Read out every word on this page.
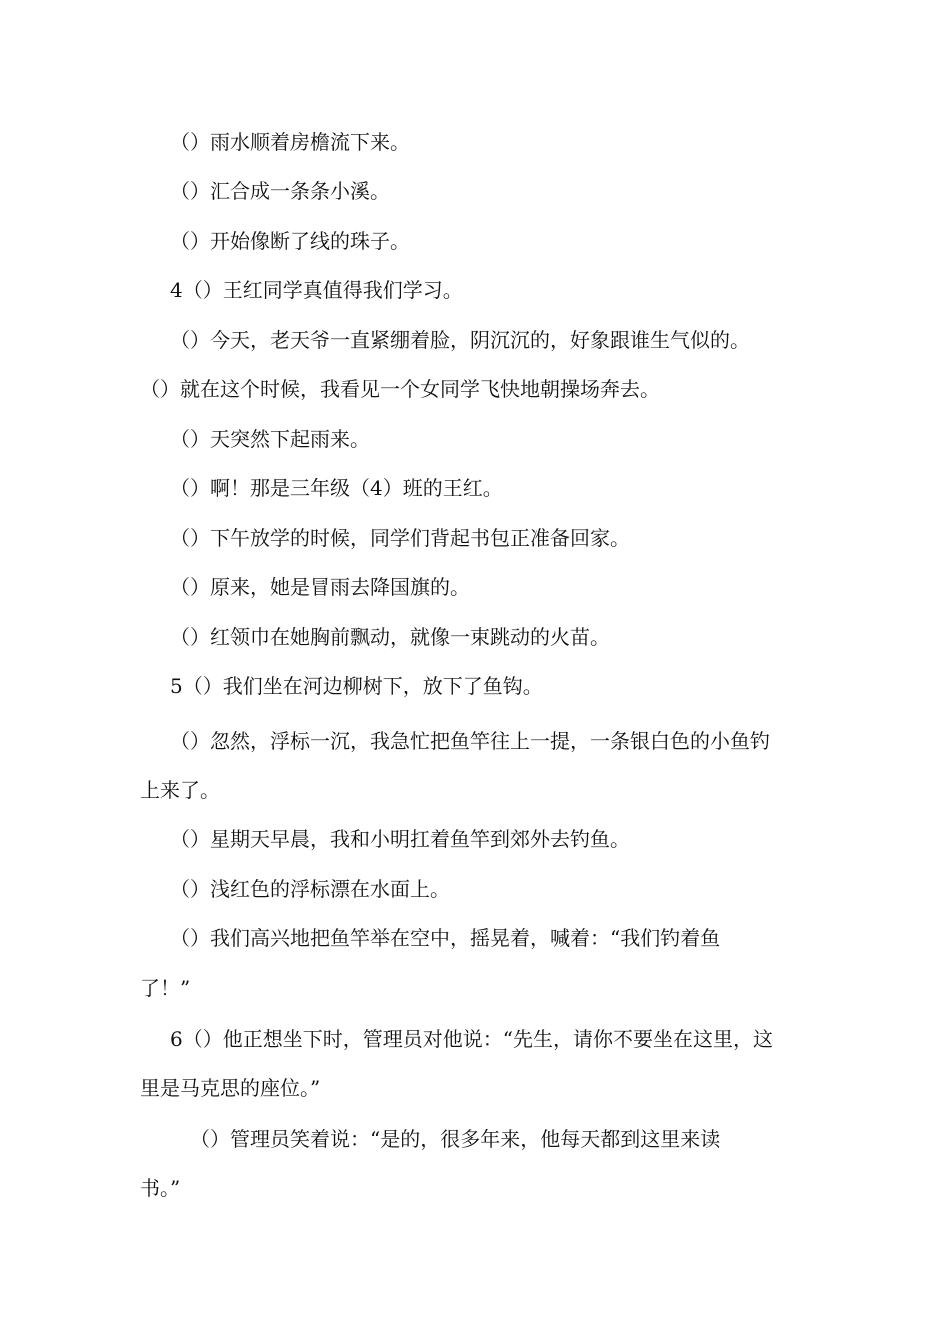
（）雨水顺着房檐流下来。

（）汇合成一条条小溪。

（）开始像断了线的珠子。

4（）王红同学真值得我们学习。

（）今天，老天爷一直紧绷着脸，阴沉沉的，好象跟谁生气似的。

（）就在这个时候，我看见一个女同学飞快地朝操场奔去。

（）天突然下起雨来。

（）啊！那是三年级（4）班的王红。

（）下午放学的时候，同学们背起书包正准备回家。

（）原来，她是冒雨去降国旗的。

（）红领巾在她胸前飘动，就像一束跳动的火苗。

5（）我们坐在河边柳树下，放下了鱼钩。

（）忽然，浮标一沉，我急忙把鱼竿往上一提，一条银白色的小鱼钓

上来了。

（）星期天早晨，我和小明扛着鱼竿到郊外去钓鱼。

（）浅红色的浮标漂在水面上。

（）我们高兴地把鱼竿举在空中，摇晃着，喊着：“我们钓着鱼

了！”

6（）他正想坐下时，管理员对他说：“先生，请你不要坐在这里，这

里是马克思的座位。”

（）管理员笑着说：“是的，很多年来，他每天都到这里来读

书。”
